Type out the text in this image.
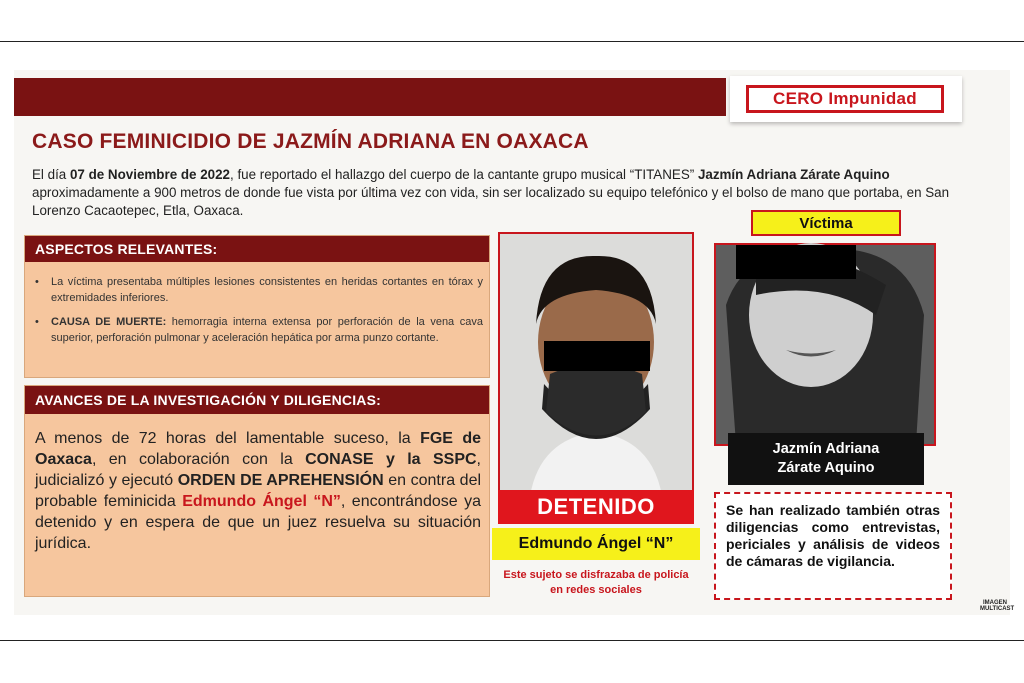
CERO Impunidad
CASO FEMINICIDIO DE JAZMÍN ADRIANA EN OAXACA
El día 07 de Noviembre de 2022, fue reportado el hallazgo del cuerpo de la cantante grupo musical “TITANES” Jazmín Adriana Zárate Aquino aproximadamente a 900 metros de donde fue vista por última vez con vida, sin ser localizado su equipo telefónico y el bolso de mano que portaba, en San Lorenzo Cacaotepec, Etla, Oaxaca.
ASPECTOS RELEVANTES:
•	La víctima presentaba múltiples lesiones consistentes en heridas cortantes en tórax y extremidades inferiores.
•	CAUSA DE MUERTE: hemorragia interna extensa por perforación de la vena cava superior, perforación pulmonar y aceleración hepática por arma punzo cortante.
AVANCES DE LA INVESTIGACIÓN Y DILIGENCIAS:
A menos de 72 horas del lamentable suceso, la FGE de Oaxaca, en colaboración con la CONASE y la SSPC, judicializó y ejecutó ORDEN DE APREHENSIÓN en contra del probable feminicida Edmundo Ángel “N”, encontrándose ya detenido y en espera de que un juez resuelva su situación jurídica.
DETENIDO
Edmundo Ángel “N”
Este sujeto se disfrazaba de policía en redes sociales
Víctima
Jazmín Adriana
Zárate Aquino
Se han realizado también otras diligencias como entrevistas, periciales y análisis de videos de cámaras de vigilancia.
IMAGEN
MULTICAST
